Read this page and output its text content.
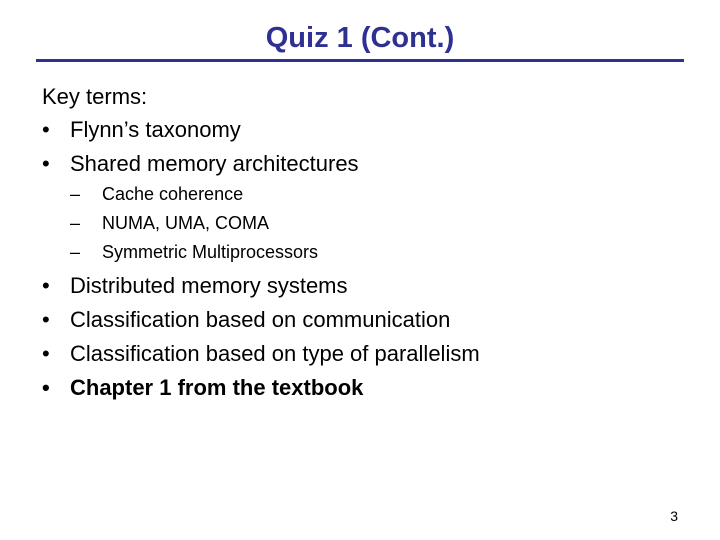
Quiz 1 (Cont.)
Key terms:
• Flynn’s taxonomy
• Shared memory architectures
– Cache coherence
– NUMA, UMA, COMA
– Symmetric Multiprocessors
• Distributed memory systems
• Classification based on communication
• Classification based on type of parallelism
• Chapter 1 from the textbook
3
